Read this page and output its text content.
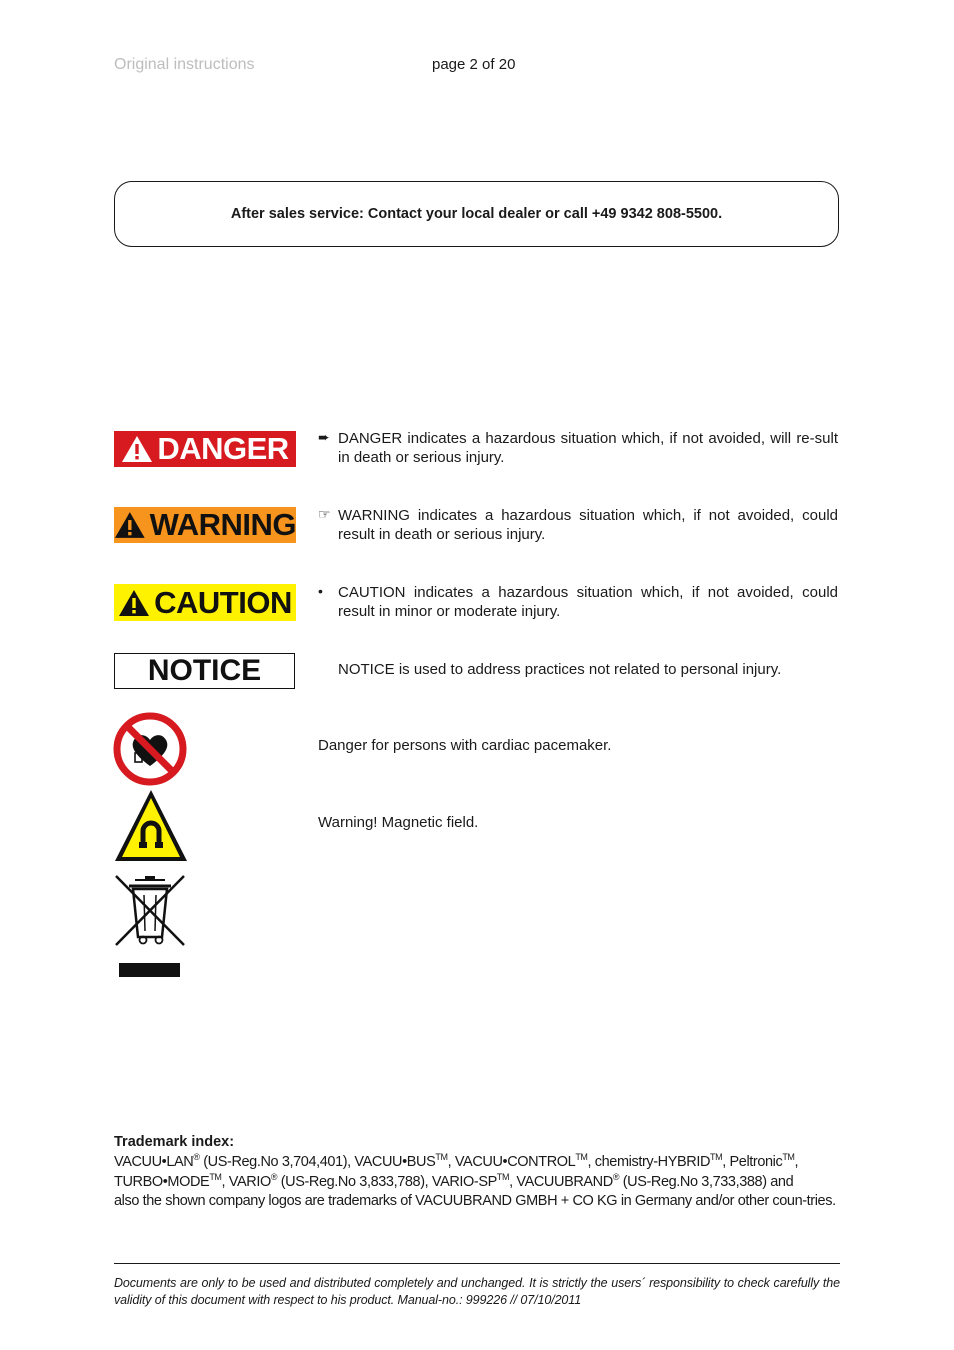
Original instructions	page 2 of 20
After sales service: Contact your local dealer or call +49 9342 808-5500.
DANGER ➨ DANGER indicates a hazardous situation which, if not avoided, will re-sult in death or serious injury.
WARNING ☞ WARNING indicates a hazardous situation which, if not avoided, could result in death or serious injury.
CAUTION •	CAUTION indicates a hazardous situation which, if not avoided, could result in minor or moderate injury.
NOTICE	NOTICE is used to address practices not related to personal injury.
Danger for persons with cardiac pacemaker.
Warning! Magnetic field.
Trademark index:
VACUU•LAN® (US-Reg.No 3,704,401), VACUU•BUS™, VACUU•CONTROL™, chemistry-HYBRID™, Peltronic™,
TURBO•MODE™, VARIO® (US-Reg.No 3,833,788), VARIO-SP™, VACUUBRAND® (US-Reg.No 3,733,388) and
also the shown company logos are trademarks of VACUUBRAND GMBH + CO KG in Germany and/or other coun-tries.
Documents are only to be used and distributed completely and unchanged. It is strictly the users´ responsibility to check carefully the validity of this document with respect to his product. Manual-no.: 999226 // 07/10/2011
